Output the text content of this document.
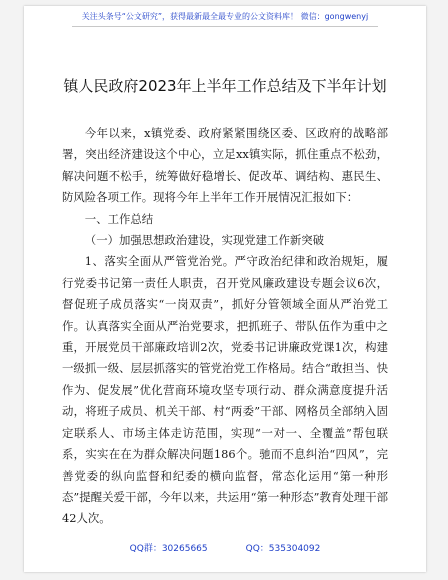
关注头条号“公文研究”，获得最新最全最专业的公文资料库！ 微信：gongwenyj
镇人民政府2023年上半年工作总结及下半年计划

今年以来，x镇党委、政府紧紧围绕区委、区政府的战略部署，突出经济建设这个中心，立足xx镇实际，抓住重点不松劲，解决问题不松手，统筹做好稳增长、促改革、调结构、惠民生、防风险各项工作。现将今年上半年工作开展情况汇报如下：

一、工作总结

（一）加强思想政治建设，实现党建工作新突破

1、落实全面从严管党治党。严守政治纪律和政治规矩，履行党委书记第一责任人职责，召开党风廉政建设专题会议6次，督促班子成员落实“一岗双责”，抓好分管领域全面从严治党工作。认真落实全面从严治党要求，把抓班子、带队伍作为重中之重，开展党员干部廉政培训2次，党委书记讲廉政党课1次，构建一级抓一级、层层抓落实的管党治党工作格局。结合“敢担当、快作为、促发展”优化营商环境攻坚专项行动、群众满意度提升活动，将班子成员、机关干部、村“两委”干部、网格员全部纳入固定联系人、市场主体走访范围，实现“一对一、全覆盖”帮包联系，实实在在为群众解决问题186个。驰而不息纠治“四风”，完善党委的纵向监督和纪委的横向监督，常态化运用“第一种形态”提醒关爱干部，今年以来，共运用“第一种形态”教育处理干部42人次。

QQ群：30265665	QQ：535304092
